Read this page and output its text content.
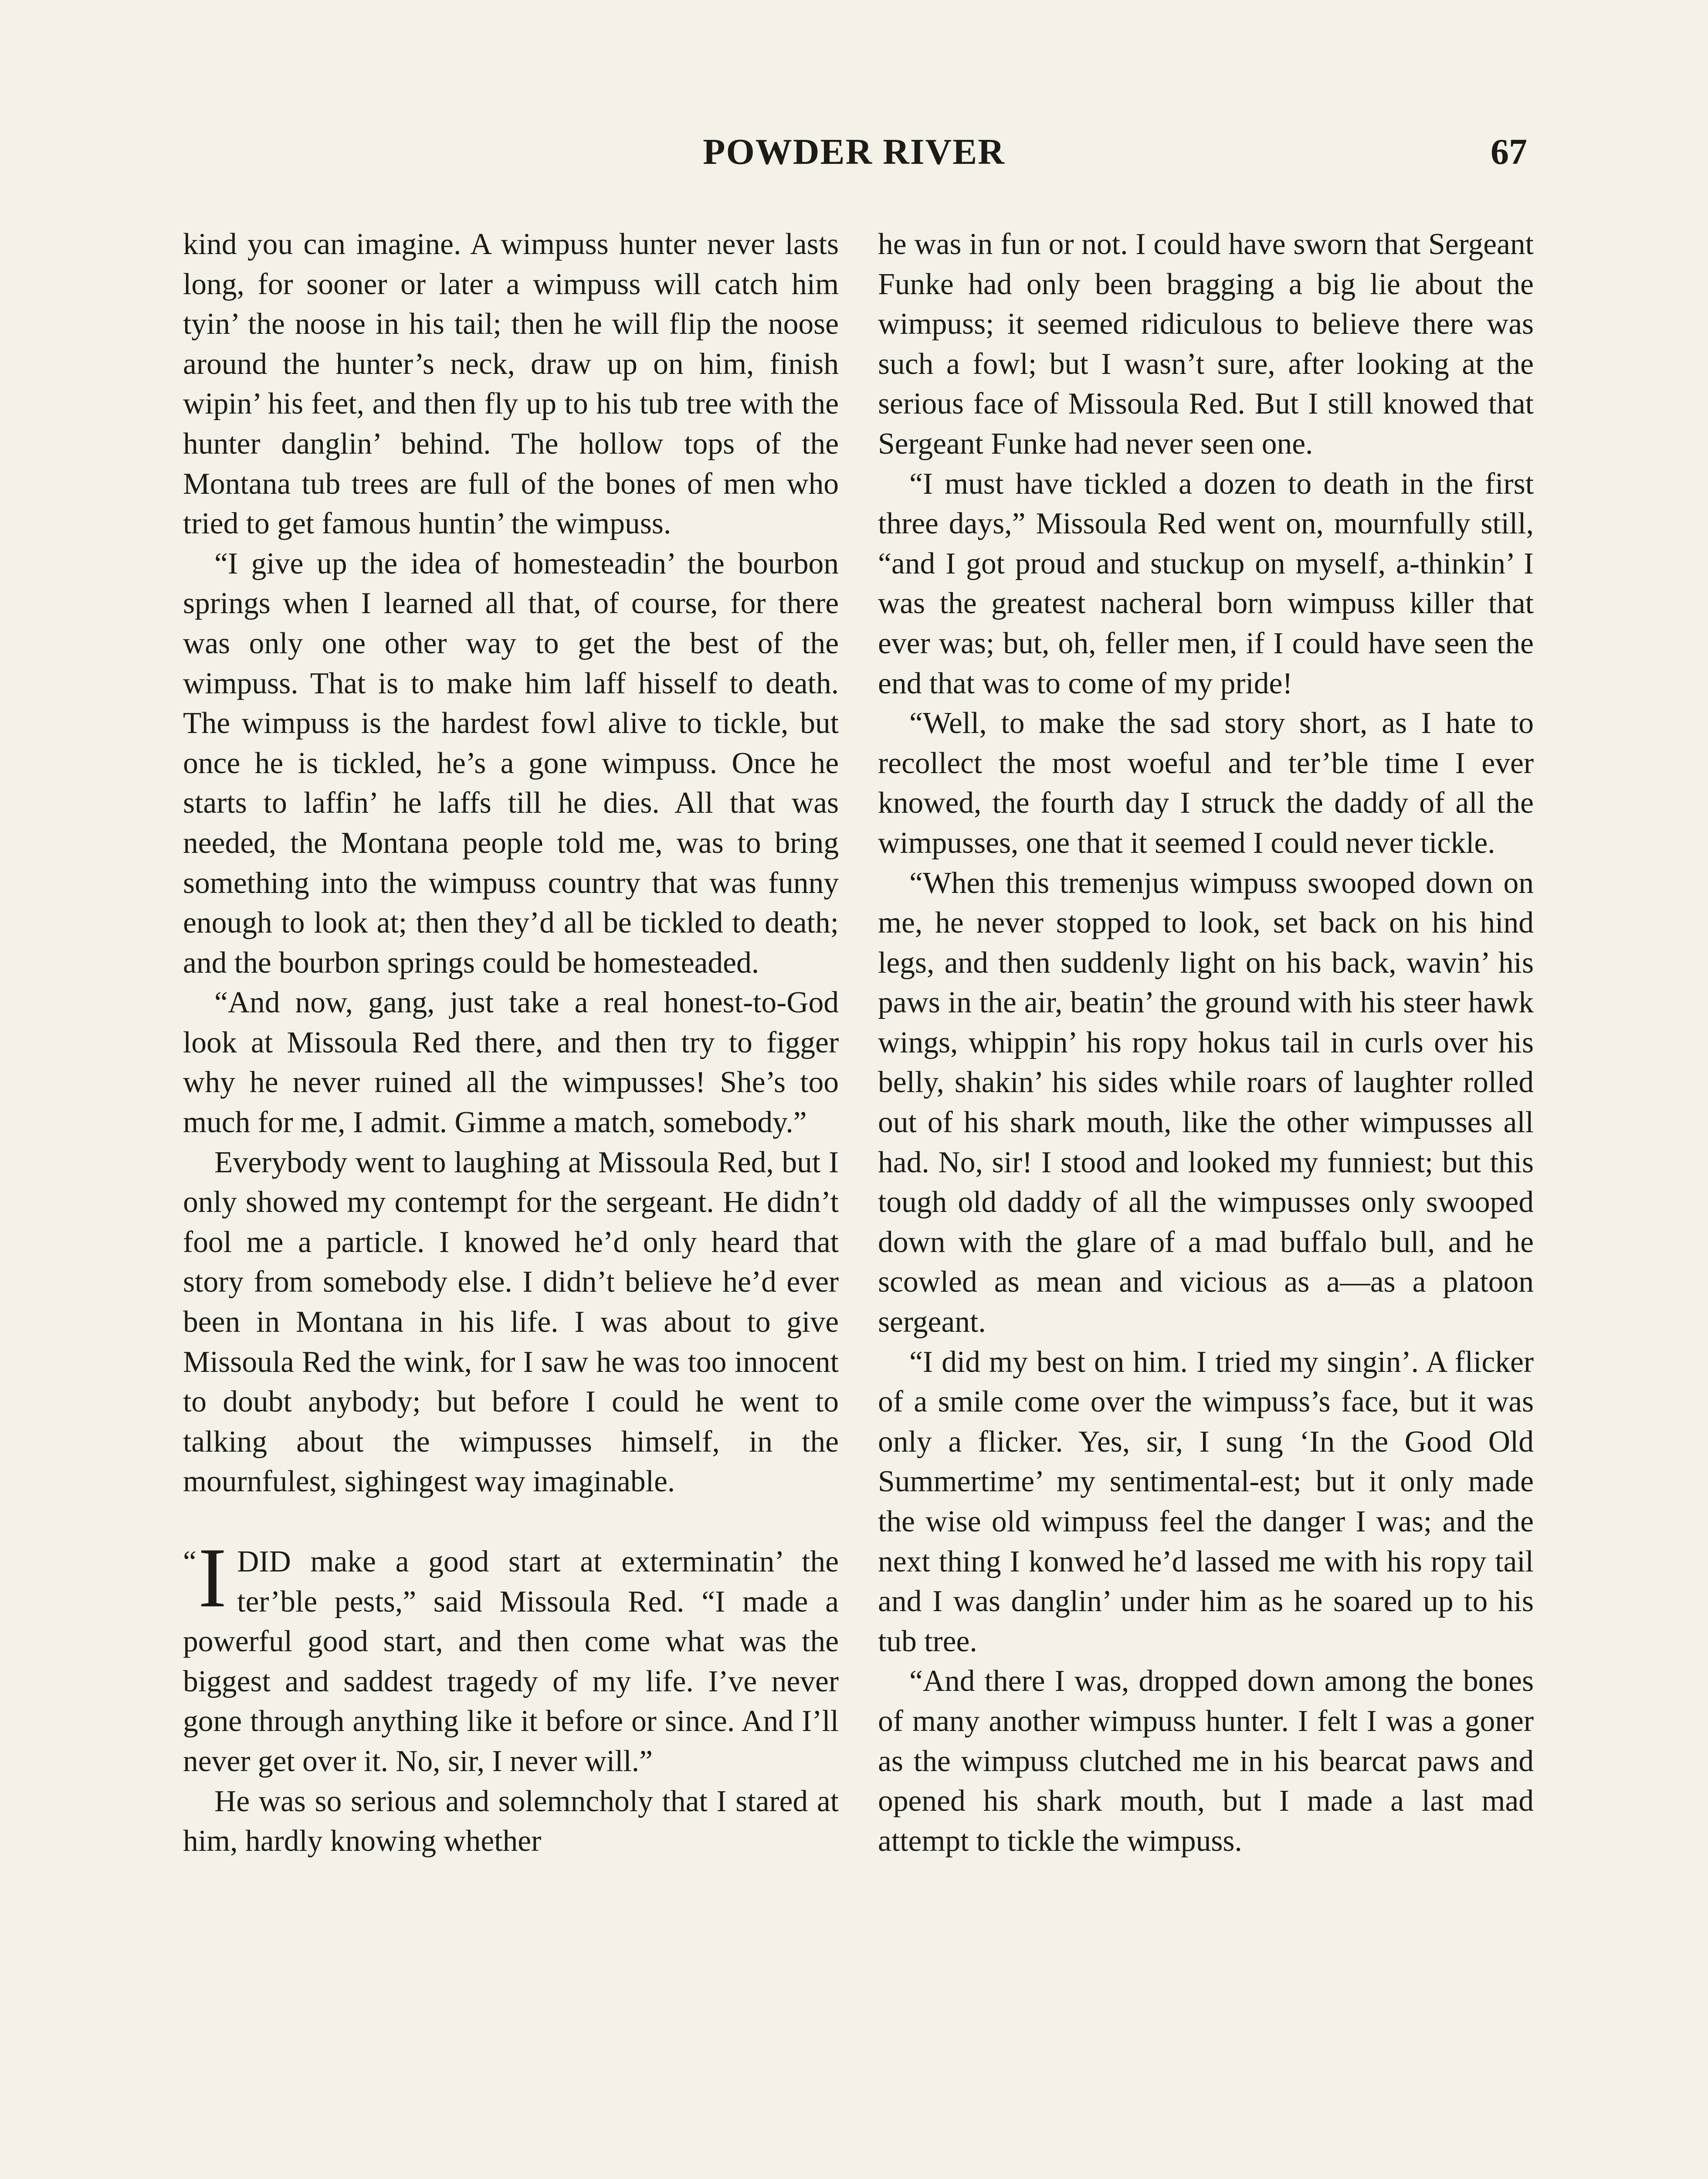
POWDER RIVER	67

kind you can imagine. A wimpuss hunter never lasts long, for sooner or later a wimpuss will catch him tyin’ the noose in his tail; then he will flip the noose around the hunter’s neck, draw up on him, finish wipin’ his feet, and then fly up to his tub tree with the hunter danglin’ behind. The hollow tops of the Montana tub trees are full of the bones of men who tried to get famous huntin’ the wimpuss.

“I give up the idea of homesteadin’ the bourbon springs when I learned all that, of course, for there was only one other way to get the best of the wimpuss. That is to make him laff hisself to death. The wimpuss is the hardest fowl alive to tickle, but once he is tickled, he’s a gone wimpuss. Once he starts to laffin’ he laffs till he dies. All that was needed, the Montana people told me, was to bring something into the wimpuss country that was funny enough to look at; then they’d all be tickled to death; and the bourbon springs could be homesteaded.

“And now, gang, just take a real honest-to-God look at Missoula Red there, and then try to figger why he never ruined all the wimpusses! She’s too much for me, I admit. Gimme a match, somebody.”

Everybody went to laughing at Missoula Red, but I only showed my contempt for the sergeant. He didn’t fool me a particle. I knowed he’d only heard that story from somebody else. I didn’t believe he’d ever been in Montana in his life. I was about to give Missoula Red the wink, for I saw he was too innocent to doubt anybody; but before I could he went to talking about the wimpusses himself, in the mournfulest, sighingest way imaginable.

“ I DID make a good start at exterminatin’ the ter’ble pests,” said Missoula Red. “I made a powerful good start, and then come what was the biggest and saddest tragedy of my life. I’ve never gone through anything like it before or since. And I’ll never get over it. No, sir, I never will.”

He was so serious and solemncholy that I stared at him, hardly knowing whether

he was in fun or not. I could have sworn that Sergeant Funke had only been bragging a big lie about the wimpuss; it seemed ridiculous to believe there was such a fowl; but I wasn’t sure, after looking at the serious face of Missoula Red. But I still knowed that Sergeant Funke had never seen one.

“I must have tickled a dozen to death in the first three days,” Missoula Red went on, mournfully still, “and I got proud and stuckup on myself, a-thinkin’ I was the greatest nacheral born wimpuss killer that ever was; but, oh, feller men, if I could have seen the end that was to come of my pride!

“Well, to make the sad story short, as I hate to recollect the most woeful and ter’ble time I ever knowed, the fourth day I struck the daddy of all the wimpusses, one that it seemed I could never tickle.

“When this tremenjus wimpuss swooped down on me, he never stopped to look, set back on his hind legs, and then suddenly light on his back, wavin’ his paws in the air, beatin’ the ground with his steer hawk wings, whippin’ his ropy hokus tail in curls over his belly, shakin’ his sides while roars of laughter rolled out of his shark mouth, like the other wimpusses all had. No, sir! I stood and looked my funniest; but this tough old daddy of all the wimpusses only swooped down with the glare of a mad buffalo bull, and he scowled as mean and vicious as a—as a platoon sergeant.

“I did my best on him. I tried my singin’. A flicker of a smile come over the wimpuss’s face, but it was only a flicker. Yes, sir, I sung ‘In the Good Old Summertime’ my sentimental-est; but it only made the wise old wimpuss feel the danger I was; and the next thing I konwed he’d lassed me with his ropy tail and I was danglin’ under him as he soared up to his tub tree.

“And there I was, dropped down among the bones of many another wimpuss hunter. I felt I was a goner as the wimpuss clutched me in his bearcat paws and opened his shark mouth, but I made a last mad attempt to tickle the wimpuss.
